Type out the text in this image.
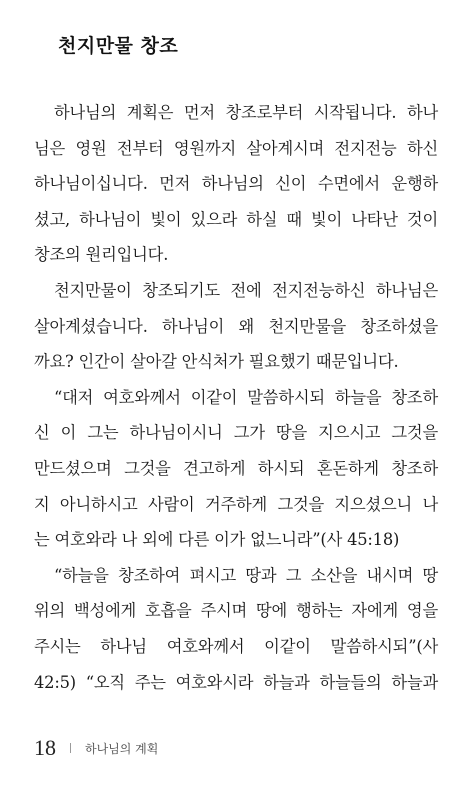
천지만물 창조
하나님의 계획은 먼저 창조로부터 시작됩니다. 하나
님은 영원 전부터 영원까지 살아계시며 전지전능 하신
하나님이십니다. 먼저 하나님의 신이 수면에서 운행하
셨고, 하나님이 빛이 있으라 하실 때 빛이 나타난 것이
창조의 원리입니다.
천지만물이 창조되기도 전에 전지전능하신 하나님은
살아계셨습니다. 하나님이 왜 천지만물을 창조하셨을
까요? 인간이 살아갈 안식처가 필요했기 때문입니다.
“대저 여호와께서 이같이 말씀하시되 하늘을 창조하
신 이 그는 하나님이시니 그가 땅을 지으시고 그것을
만드셨으며 그것을 견고하게 하시되 혼돈하게 창조하
지 아니하시고 사람이 거주하게 그것을 지으셨으니 나
는 여호와라 나 외에 다른 이가 없느니라”(사 45:18)
“하늘을 창조하여 펴시고 땅과 그 소산을 내시며 땅
위의 백성에게 호흡을 주시며 땅에 행하는 자에게 영을
주시는 하나님 여호와께서 이같이 말씀하시되”(사
42:5) “오직 주는 여호와시라 하늘과 하늘들의 하늘과
18 하나님의 계획
